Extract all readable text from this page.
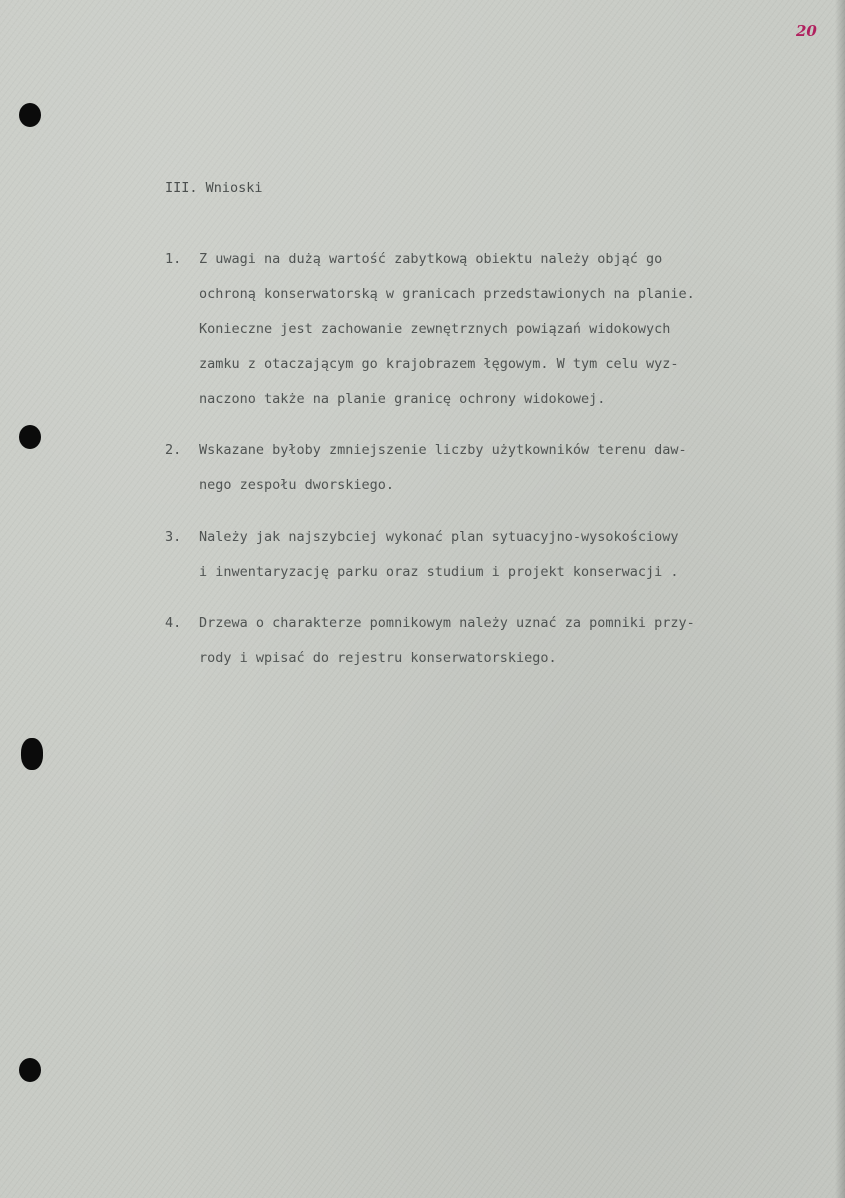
20
III. Wnioski
1. Z uwagi na dużą wartość zabytkową obiektu należy objąć go
ochroną konserwatorską w granicach przedstawionych na planie.
Konieczne jest zachowanie zewnętrznych powiązań widokowych
zamku z otaczającym go krajobrazem łęgowym. W tym celu wyz-
naczono także na planie granicę ochrony widokowej.
2. Wskazane byłoby zmniejszenie liczby użytkowników terenu daw-
nego zespołu dworskiego.
3. Należy jak najszybciej wykonać plan sytuacyjno-wysokościowy
i inwentaryzację parku oraz studium i projekt konserwacji .
4. Drzewa o charakterze pomnikowym należy uznać za pomniki przy-
rody i wpisać do rejestru konserwatorskiego.
